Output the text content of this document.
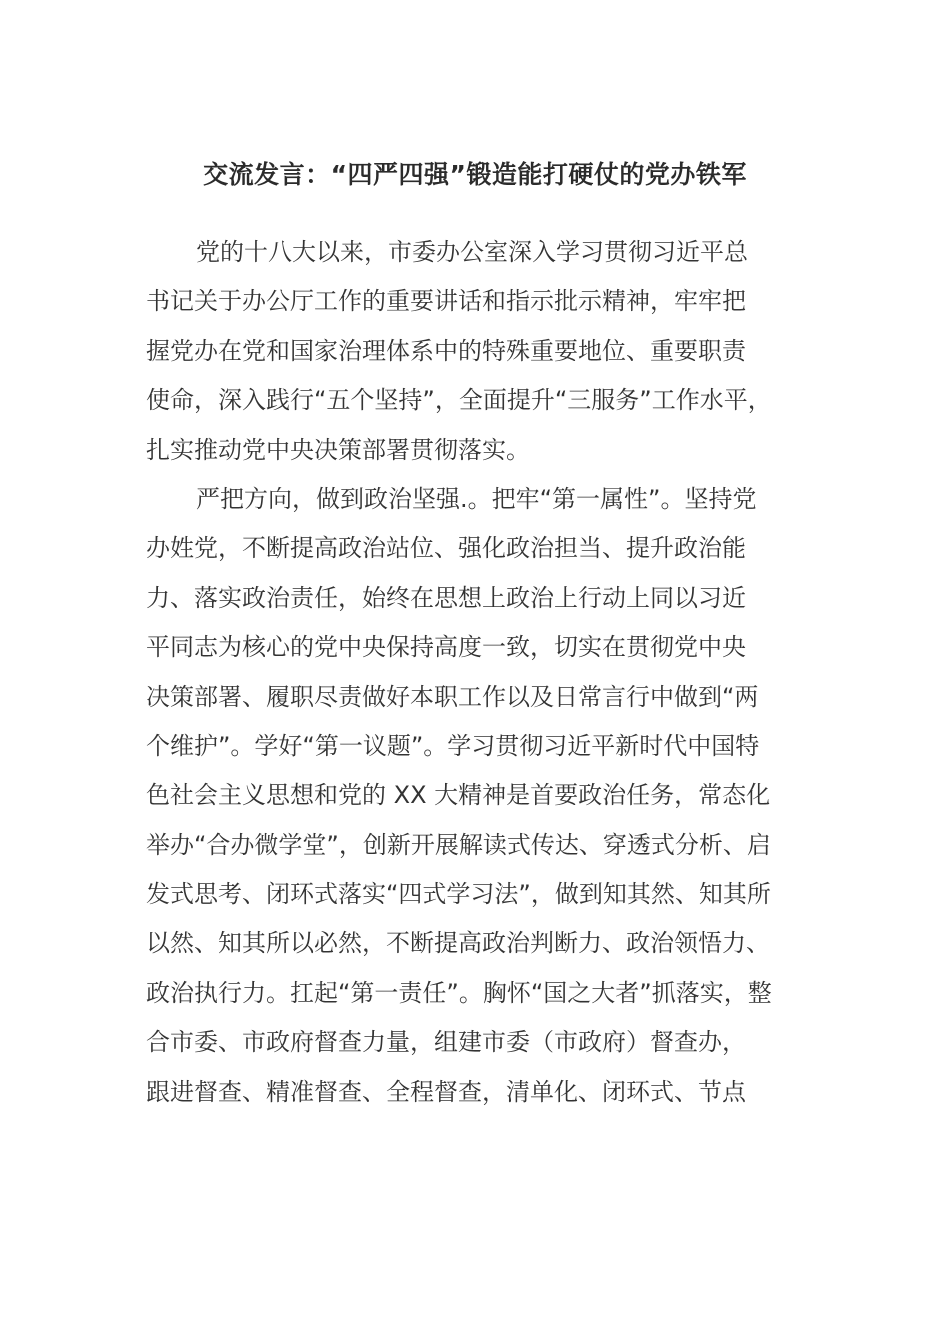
交流发言：“四严四强”锻造能打硬仗的党办铁军
党的十八大以来，市委办公室深入学习贯彻习近平总
书记关于办公厅工作的重要讲话和指示批示精神，牢牢把
握党办在党和国家治理体系中的特殊重要地位、重要职责
使命，深入践行“五个坚持”，全面提升“三服务”工作水平，
扎实推动党中央决策部署贯彻落实。
严把方向，做到政治坚强.。把牢“第一属性”。坚持党
办姓党，不断提高政治站位、强化政治担当、提升政治能
力、落实政治责任，始终在思想上政治上行动上同以习近
平同志为核心的党中央保持高度一致，切实在贯彻党中央
决策部署、履职尽责做好本职工作以及日常言行中做到“两
个维护”。学好“第一议题”。学习贯彻习近平新时代中国特
色社会主义思想和党的 XX 大精神是首要政治任务，常态化
举办“合办微学堂”，创新开展解读式传达、穿透式分析、启
发式思考、闭环式落实“四式学习法”，做到知其然、知其所
以然、知其所以必然，不断提高政治判断力、政治领悟力、
政治执行力。扛起“第一责任”。胸怀“国之大者”抓落实，整
合市委、市政府督查力量，组建市委（市政府）督查办，
跟进督查、精准督查、全程督查，清单化、闭环式、节点
